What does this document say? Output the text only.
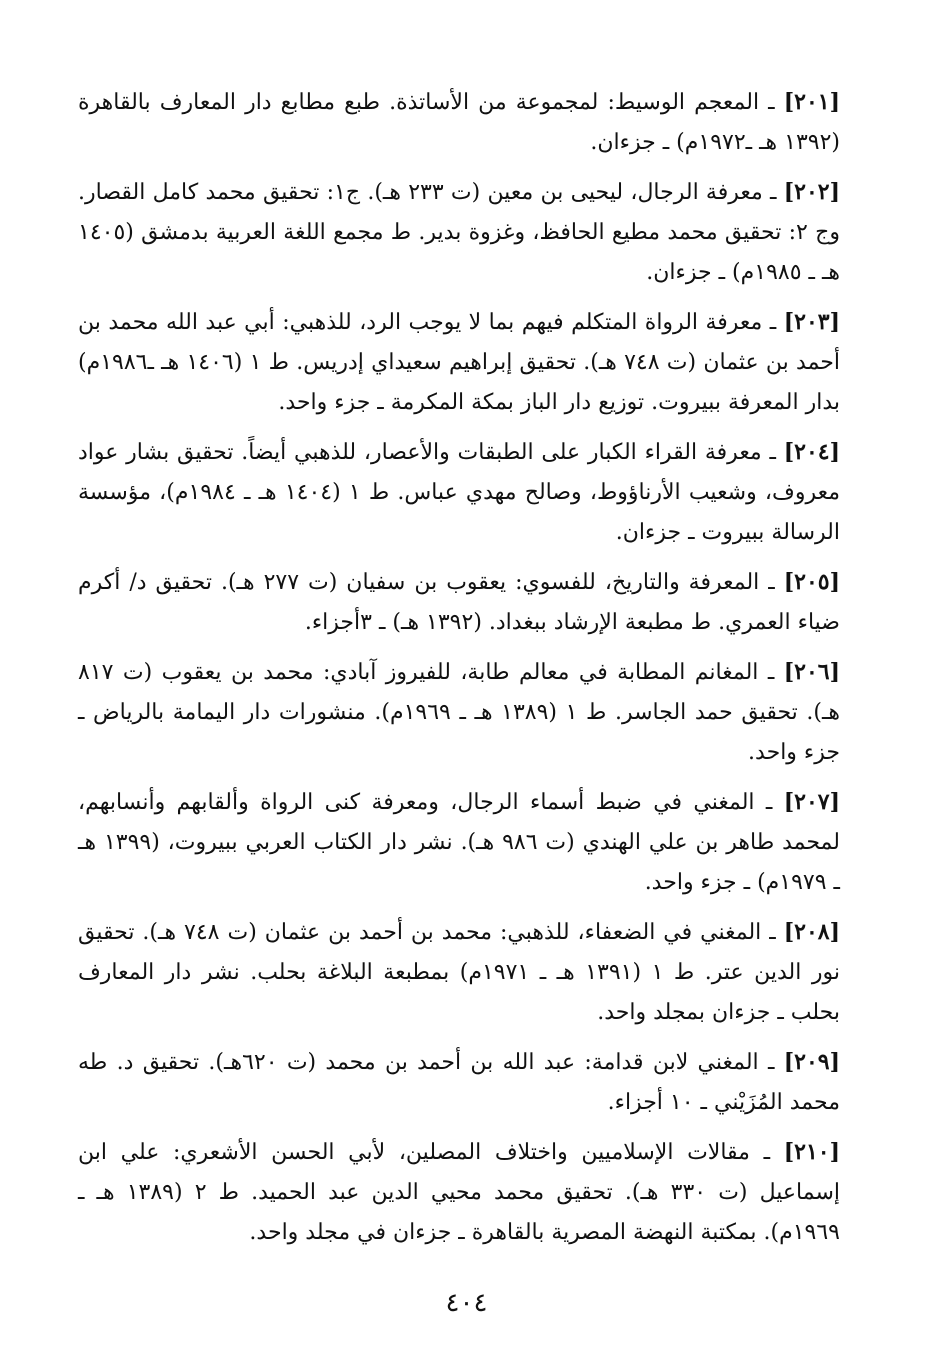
[٢٠١] ـ المعجم الوسيط: لمجموعة من الأساتذة. طبع مطابع دار المعارف بالقاهرة (١٣٩٢ هـ ـ١٩٧٢م) ـ جزءان.

[٢٠٢] ـ معرفة الرجال، ليحيى بن معين (ت ٢٣٣ هـ). ج١: تحقيق محمد كامل القصار. وج ٢: تحقيق محمد مطيع الحافظ، وغزوة بدير. ط مجمع اللغة العربية بدمشق (١٤٠٥ هـ ـ ١٩٨٥م) ـ جزءان.

[٢٠٣] ـ معرفة الرواة المتكلم فيهم بما لا يوجب الرد، للذهبي: أبي عبد الله محمد بن أحمد بن عثمان (ت ٧٤٨ هـ). تحقيق إبراهيم سعيداي إدريس. ط ١ (١٤٠٦ هـ ـ١٩٨٦م) بدار المعرفة ببيروت. توزيع دار الباز بمكة المكرمة ـ جزء واحد.

[٢٠٤] ـ معرفة القراء الكبار على الطبقات والأعصار، للذهبي أيضاً. تحقيق بشار عواد معروف، وشعيب الأرناؤوط، وصالح مهدي عباس. ط ١ (١٤٠٤ هـ ـ ١٩٨٤م)، مؤسسة الرسالة ببيروت ـ جزءان.

[٢٠٥] ـ المعرفة والتاريخ، للفسوي: يعقوب بن سفيان (ت ٢٧٧ هـ). تحقيق د/ أكرم ضياء العمري. ط مطبعة الإرشاد ببغداد. (١٣٩٢ هـ) ـ ٣أجزاء.

[٢٠٦] ـ المغانم المطابة في معالم طابة، للفيروز آبادي: محمد بن يعقوب (ت ٨١٧ هـ). تحقيق حمد الجاسر. ط ١ (١٣٨٩ هـ ـ ١٩٦٩م). منشورات دار اليمامة بالرياض ـ جزء واحد.

[٢٠٧] ـ المغني في ضبط أسماء الرجال، ومعرفة كنى الرواة وألقابهم وأنسابهم، لمحمد طاهر بن علي الهندي (ت ٩٨٦ هـ). نشر دار الكتاب العربي ببيروت، (١٣٩٩ هـ ـ ١٩٧٩م) ـ جزء واحد.

[٢٠٨] ـ المغني في الضعفاء، للذهبي: محمد بن أحمد بن عثمان (ت ٧٤٨ هـ). تحقيق نور الدين عتر. ط ١ (١٣٩١ هـ ـ ١٩٧١م) بمطبعة البلاغة بحلب. نشر دار المعارف بحلب ـ جزءان بمجلد واحد.

[٢٠٩] ـ المغني لابن قدامة: عبد الله بن أحمد بن محمد (ت ٦٢٠هـ). تحقيق د. طه محمد المُزَيْني ـ ١٠ أجزاء.

[٢١٠] ـ مقالات الإسلاميين واختلاف المصلين، لأبي الحسن الأشعري: علي ابن إسماعيل (ت ٣٣٠ هـ). تحقيق محمد محيي الدين عبد الحميد. ط ٢ (١٣٨٩ هـ ـ ١٩٦٩م). بمكتبة النهضة المصرية بالقاهرة ـ جزءان في مجلد واحد.

٤٠٤
